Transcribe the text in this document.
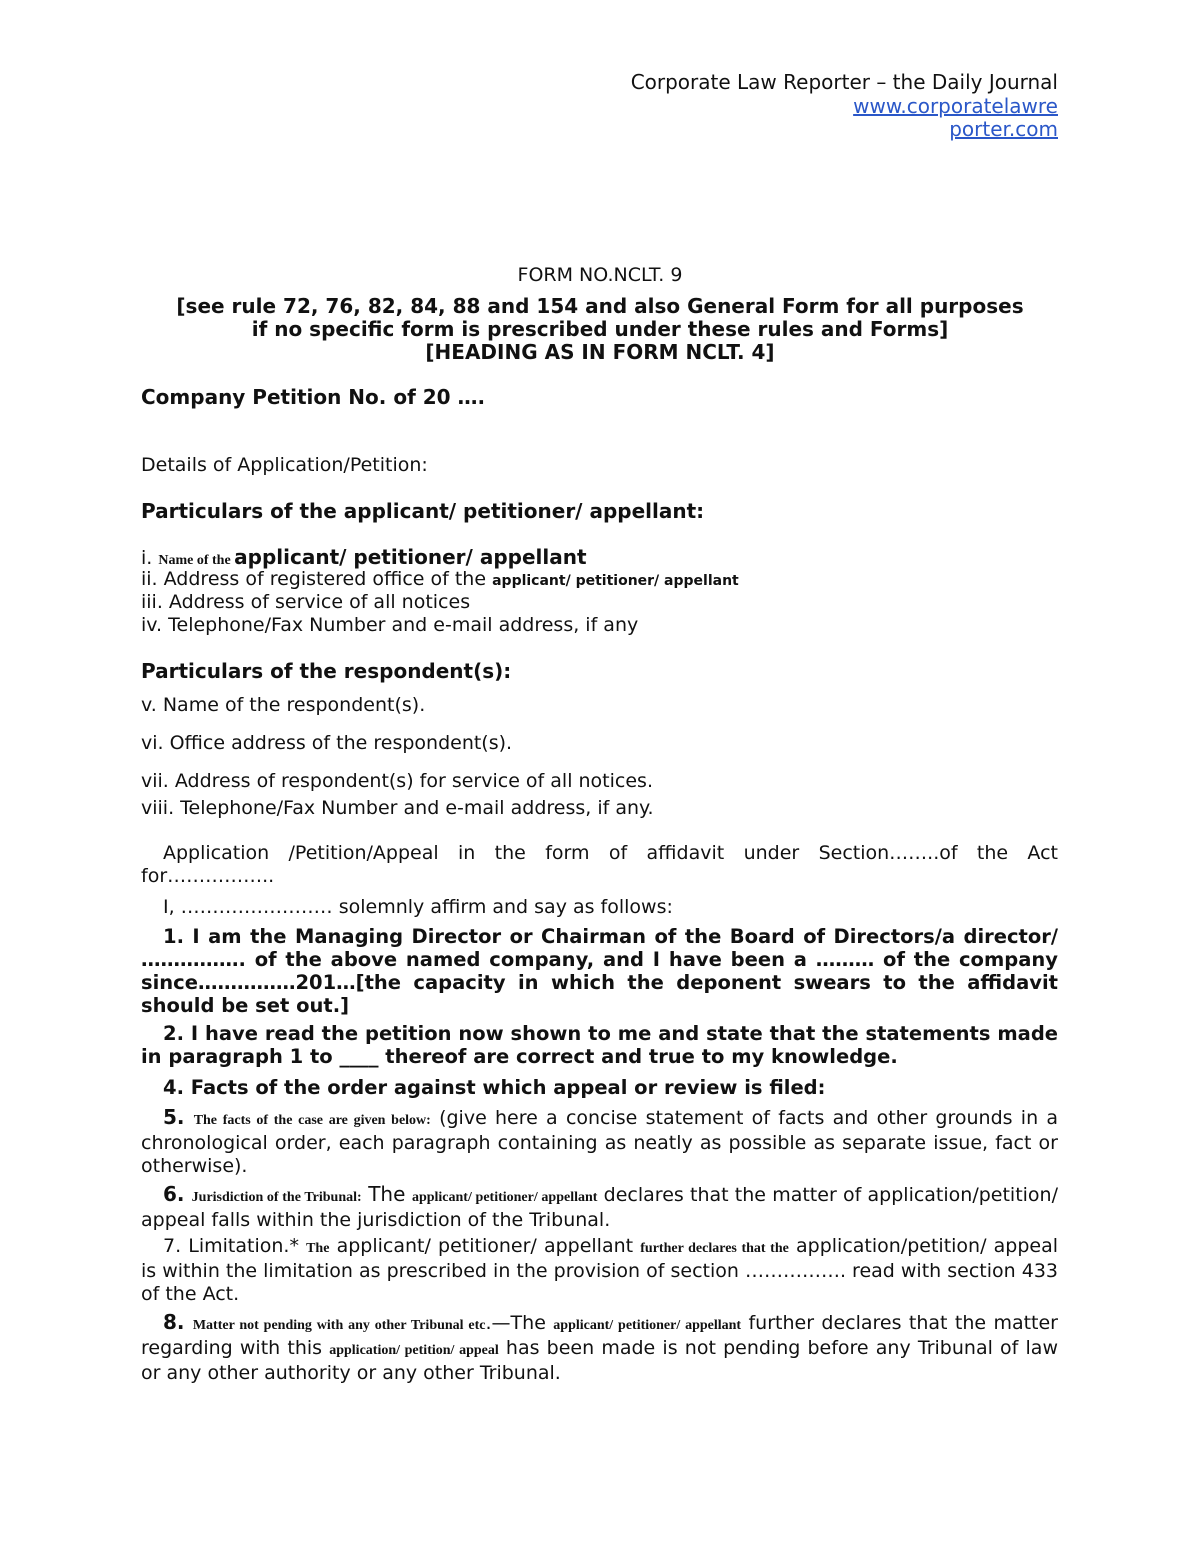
Corporate Law Reporter – the Daily Journal
www.corporatelawre
porter.com
FORM NO.NCLT. 9
[see rule 72, 76, 82, 84, 88 and 154 and also General Form for all purposes
if no specific form is prescribed under these rules and Forms]
[HEADING AS IN FORM NCLT. 4]
Company Petition No. of 20 ….
Details of Application/Petition:
Particulars of the applicant/ petitioner/ appellant:
i. Name of the applicant/ petitioner/ appellant
ii. Address of registered office of the applicant/ petitioner/ appellant
iii. Address of service of all notices
iv. Telephone/Fax Number and e-mail address, if any
Particulars of the respondent(s):
v. Name of the respondent(s).
vi. Office address of the respondent(s).
vii. Address of respondent(s) for service of all notices.
viii. Telephone/Fax Number and e-mail address, if any.
Application /Petition/Appeal in the form of affidavit under Section……..of the Act for……………..
I, …………………… solemnly affirm and say as follows:
1. I am the Managing Director or Chairman of the Board of Directors/a director/ ……………. of the above named company, and I have been a ……… of the company since……………201…[the capacity in which the deponent swears to the affidavit should be set out.]
2. I have read the petition now shown to me and state that the statements made in paragraph 1 to ____ thereof are correct and true to my knowledge.
4. Facts of the order against which appeal or review is filed:
5. The facts of the case are given below: (give here a concise statement of facts and other grounds in a chronological order, each paragraph containing as neatly as possible as separate issue, fact or otherwise).
6. Jurisdiction of the Tribunal: The applicant/ petitioner/ appellant declares that the matter of application/petition/ appeal falls within the jurisdiction of the Tribunal.
7. Limitation.* The applicant/ petitioner/ appellant further declares that the application/petition/ appeal is within the limitation as prescribed in the provision of section ……………. read with section 433 of the Act.
8. Matter not pending with any other Tribunal etc.—The applicant/ petitioner/ appellant further declares that the matter regarding with this application/ petition/ appeal has been made is not pending before any Tribunal of law or any other authority or any other Tribunal.
